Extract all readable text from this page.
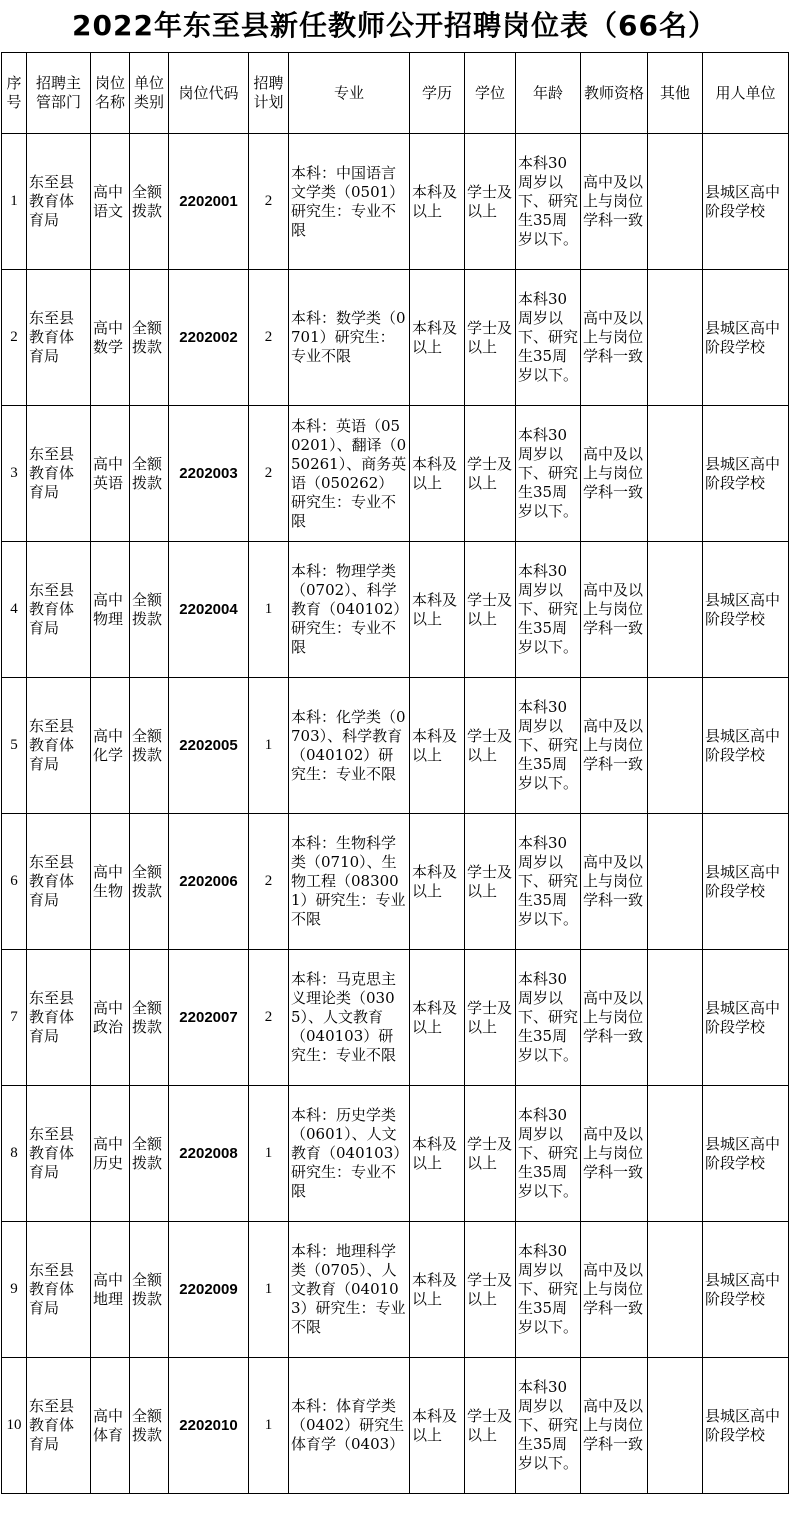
2022年东至县新任教师公开招聘岗位表（66名）
序号	招聘主管部门	岗位名称	单位类别	岗位代码	招聘计划	专业	学历	学位	年龄	教师资格	其他	用人单位
1	东至县教育体育局	高中语文	全额拨款	2202001	2	本科：中国语言文学类（0501）研究生：专业不限	本科及以上	学士及以上	本科30周岁以下、研究生35周岁以下。	高中及以上与岗位学科一致		县城区高中阶段学校
2	东至县教育体育局	高中数学	全额拨款	2202002	2	本科：数学类（0701）研究生：专业不限	本科及以上	学士及以上	本科30周岁以下、研究生35周岁以下。	高中及以上与岗位学科一致		县城区高中阶段学校
3	东至县教育体育局	高中英语	全额拨款	2202003	2	本科：英语（050201）、翻译（050261）、商务英语（050262）研究生：专业不限	本科及以上	学士及以上	本科30周岁以下、研究生35周岁以下。	高中及以上与岗位学科一致		县城区高中阶段学校
4	东至县教育体育局	高中物理	全额拨款	2202004	1	本科：物理学类（0702）、科学教育（040102）研究生：专业不限	本科及以上	学士及以上	本科30周岁以下、研究生35周岁以下。	高中及以上与岗位学科一致		县城区高中阶段学校
5	东至县教育体育局	高中化学	全额拨款	2202005	1	本科：化学类（0703）、科学教育（040102）研究生：专业不限	本科及以上	学士及以上	本科30周岁以下、研究生35周岁以下。	高中及以上与岗位学科一致		县城区高中阶段学校
6	东至县教育体育局	高中生物	全额拨款	2202006	2	本科：生物科学类（0710）、生物工程（083001）研究生：专业不限	本科及以上	学士及以上	本科30周岁以下、研究生35周岁以下。	高中及以上与岗位学科一致		县城区高中阶段学校
7	东至县教育体育局	高中政治	全额拨款	2202007	2	本科：马克思主义理论类（0305）、人文教育（040103）研究生：专业不限	本科及以上	学士及以上	本科30周岁以下、研究生35周岁以下。	高中及以上与岗位学科一致		县城区高中阶段学校
8	东至县教育体育局	高中历史	全额拨款	2202008	1	本科：历史学类（0601）、人文教育（040103）研究生：专业不限	本科及以上	学士及以上	本科30周岁以下、研究生35周岁以下。	高中及以上与岗位学科一致		县城区高中阶段学校
9	东至县教育体育局	高中地理	全额拨款	2202009	1	本科：地理科学类（0705）、人文教育（040103）研究生：专业不限	本科及以上	学士及以上	本科30周岁以下、研究生35周岁以下。	高中及以上与岗位学科一致		县城区高中阶段学校
10	东至县教育体育局	高中体育	全额拨款	2202010	1	本科：体育学类（0402）研究生 体育学（0403）	本科及以上	学士及以上	本科30周岁以下、研究生35周岁以下。	高中及以上与岗位学科一致		县城区高中阶段学校
